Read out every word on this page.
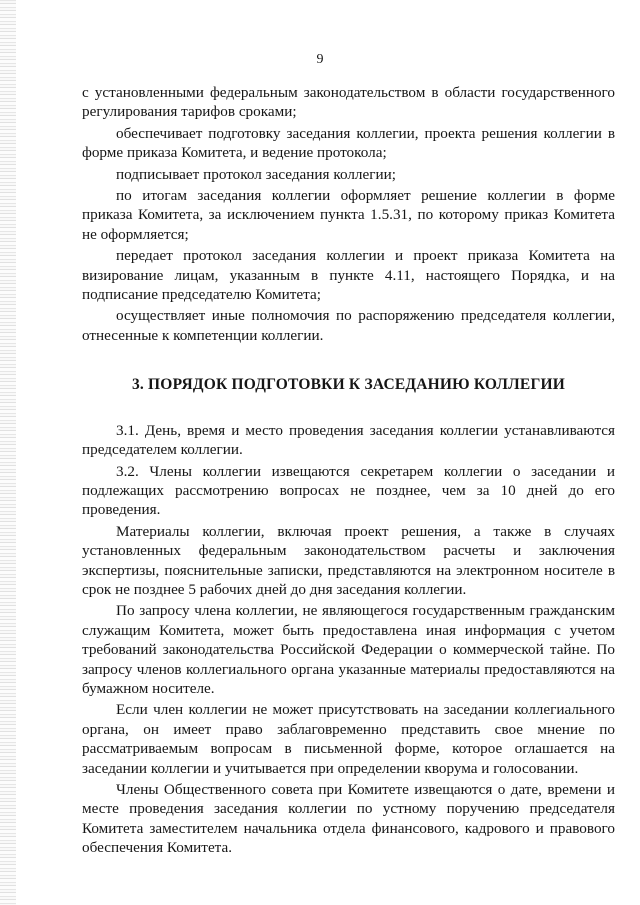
9

с установленными федеральным законодательством в области государственного регулирования тарифов сроками;

обеспечивает подготовку заседания коллегии, проекта решения коллегии в форме приказа Комитета, и ведение протокола;

подписывает протокол заседания коллегии;

по итогам заседания коллегии оформляет решение коллегии в форме приказа Комитета, за исключением пункта 1.5.31, по которому приказ Комитета не оформляется;

передает протокол заседания коллегии и проект приказа Комитета на визирование лицам, указанным в пункте 4.11, настоящего Порядка, и на подписание председателю Комитета;

осуществляет иные полномочия по распоряжению председателя коллегии, отнесенные к компетенции коллегии.

3. ПОРЯДОК ПОДГОТОВКИ К ЗАСЕДАНИЮ КОЛЛЕГИИ

3.1. День, время и место проведения заседания коллегии устанавливаются председателем коллегии.

3.2. Члены коллегии извещаются секретарем коллегии о заседании и подлежащих рассмотрению вопросах не позднее, чем за 10 дней до его проведения.

Материалы коллегии, включая проект решения, а также в случаях установленных федеральным законодательством расчеты и заключения экспертизы, пояснительные записки, представляются на электронном носителе в срок не позднее 5 рабочих дней до дня заседания коллегии.

По запросу члена коллегии, не являющегося государственным гражданским служащим Комитета, может быть предоставлена иная информация с учетом требований законодательства Российской Федерации о коммерческой тайне. По запросу членов коллегиального органа указанные материалы предоставляются на бумажном носителе.

Если член коллегии не может присутствовать на заседании коллегиального органа, он имеет право заблаговременно представить свое мнение по рассматриваемым вопросам в письменной форме, которое оглашается на заседании коллегии и учитывается при определении кворума и голосовании.

Члены Общественного совета при Комитете извещаются о дате, времени и месте проведения заседания коллегии по устному поручению председателя Комитета заместителем начальника отдела финансового, кадрового и правового обеспечения Комитета.
